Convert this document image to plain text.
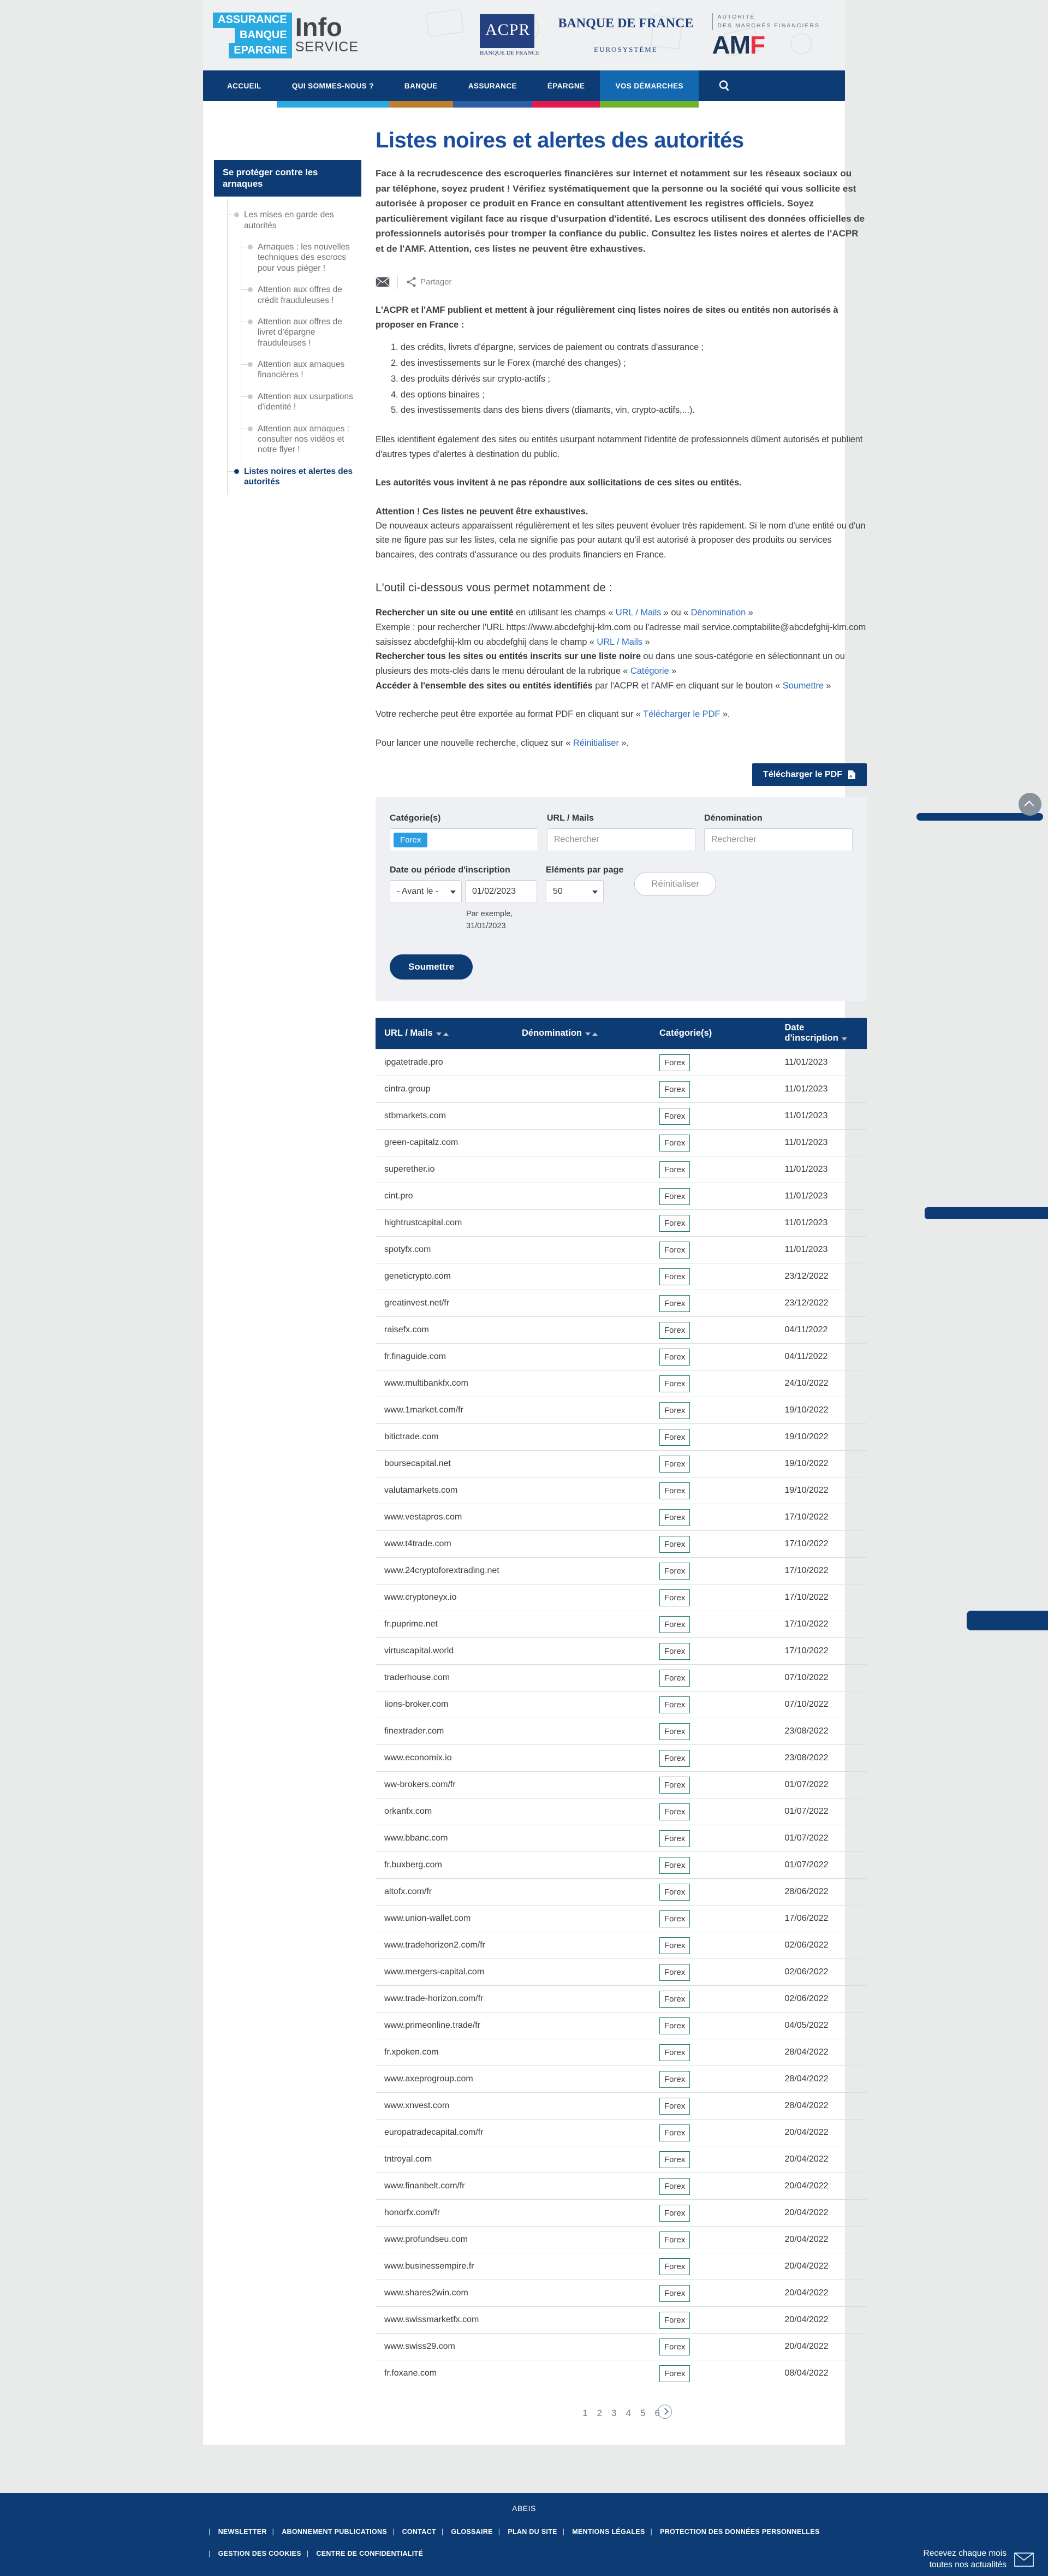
ASSURANCE
BANQUE
EPARGNE
Info
SERVICE
ACPR
BANQUE DE FRANCE
BANQUE DE FRANCE
EUROSYSTÈME
AUTORITÉ
DES MARCHÉS FINANCIERS
AMF
ACCUEIL	QUI SOMMES-NOUS ?	BANQUE	ASSURANCE	ÉPARGNE	VOS DÉMARCHES
Se protéger contre les arnaques
Les mises en garde des autorités
Arnaques : les nouvelles techniques des escrocs pour vous piéger !
Attention aux offres de crédit frauduleuses !
Attention aux offres de livret d'épargne frauduleuses !
Attention aux arnaques financières !
Attention aux usurpations d'identité !
Attention aux arnaques : consulter nos vidéos et notre flyer !
Listes noires et alertes des autorités
Listes noires et alertes des autorités

Face à la recrudescence des escroqueries financières sur internet et notamment sur les réseaux sociaux ou par téléphone, soyez prudent ! Vérifiez systématiquement que la personne ou la société qui vous sollicite est autorisée à proposer ce produit en France en consultant attentivement les registres officiels. Soyez particulièrement vigilant face au risque d'usurpation d'identité. Les escrocs utilisent des données officielles de professionnels autorisés pour tromper la confiance du public. Consultez les listes noires et alertes de l'ACPR et de l'AMF. Attention, ces listes ne peuvent être exhaustives.

Partager

L'ACPR et l'AMF publient et mettent à jour régulièrement cinq listes noires de sites ou entités non autorisés à proposer en France :

1. des crédits, livrets d'épargne, services de paiement ou contrats d'assurance ;
2. des investissements sur le Forex (marché des changes) ;
3. des produits dérivés sur crypto-actifs ;
4. des options binaires ;
5. des investissements dans des biens divers (diamants, vin, crypto-actifs,...).

Elles identifient également des sites ou entités usurpant notamment l'identité de professionnels dûment autorisés et publient d'autres types d'alertes à destination du public.

Les autorités vous invitent à ne pas répondre aux sollicitations de ces sites ou entités.

Attention ! Ces listes ne peuvent être exhaustives.

De nouveaux acteurs apparaissent régulièrement et les sites peuvent évoluer très rapidement. Si le nom d'une entité ou d'un site ne figure pas sur les listes, cela ne signifie pas pour autant qu'il est autorisé à proposer des produits ou services bancaires, des contrats d'assurance ou des produits financiers en France.

L'outil ci-dessous vous permet notamment de :

Rechercher un site ou une entité en utilisant les champs « URL / Mails » ou « Dénomination »

Exemple : pour rechercher l'URL https://www.abcdefghij-klm.com ou l'adresse mail service.comptabilite@abcdefghij-klm.com saisissez abcdefghij-klm ou abcdefghij dans le champ « URL / Mails »

Rechercher tous les sites ou entités inscrits sur une liste noire ou dans une sous-catégorie en sélectionnant un ou plusieurs des mots-clés dans le menu déroulant de la rubrique « Catégorie »

Accéder à l'ensemble des sites ou entités identifiés par l'ACPR et l'AMF en cliquant sur le bouton « Soumettre »

Votre recherche peut être exportée au format PDF en cliquant sur « Télécharger le PDF ».

Pour lancer une nouvelle recherche, cliquez sur « Réinitialiser ».

Télécharger le PDF A
Catégorie(s)
Forex
URL / Mails
Rechercher	Dénomination
Rechercher
Date ou période d'inscription
- Avant le -
01/02/2023
Par exemple,
31/01/2023
Eléments par page
50
Réinitialiser
Soumettre
URL / Mails	Dénomination	Catégorie(s)	Date
d'inscription
ipgatetrade.pro		Forex	11/01/2023
cintra.group		Forex	11/01/2023
stbmarkets.com		Forex	11/01/2023
green-capitalz.com		Forex	11/01/2023
superether.io		Forex	11/01/2023
cint.pro		Forex	11/01/2023
hightrustcapital.com		Forex	11/01/2023
spotyfx.com		Forex	11/01/2023
geneticrypto.com		Forex	23/12/2022
greatinvest.net/fr		Forex	23/12/2022
raisefx.com		Forex	04/11/2022
fr.finaguide.com		Forex	04/11/2022
www.multibankfx.com		Forex	24/10/2022
www.1market.com/fr		Forex	19/10/2022
bitictrade.com		Forex	19/10/2022
boursecapital.net		Forex	19/10/2022
valutamarkets.com		Forex	19/10/2022
www.vestapros.com		Forex	17/10/2022
www.t4trade.com		Forex	17/10/2022
www.24cryptoforextrading.net		Forex	17/10/2022
www.cryptoneyx.io		Forex	17/10/2022
fr.puprime.net		Forex	17/10/2022
virtuscapital.world		Forex	17/10/2022
traderhouse.com		Forex	07/10/2022
lions-broker.com		Forex	07/10/2022
finextrader.com		Forex	23/08/2022
www.economix.io		Forex	23/08/2022
ww-brokers.com/fr		Forex	01/07/2022
orkanfx.com		Forex	01/07/2022
www.bbanc.com		Forex	01/07/2022
fr.buxberg.com		Forex	01/07/2022
altofx.com/fr		Forex	28/06/2022
www.union-wallet.com		Forex	17/06/2022
www.tradehorizon2.com/fr		Forex	02/06/2022
www.mergers-capital.com		Forex	02/06/2022
www.trade-horizon.com/fr		Forex	02/06/2022
www.primeonline.trade/fr		Forex	04/05/2022
fr.xpoken.com		Forex	28/04/2022
www.axeprogroup.com		Forex	28/04/2022
www.xnvest.com		Forex	28/04/2022
europatradecapital.com/fr		Forex	20/04/2022
tntroyal.com		Forex	20/04/2022
www.finanbelt.com/fr		Forex	20/04/2022
honorfx.com/fr		Forex	20/04/2022
www.profundseu.com		Forex	20/04/2022
www.businessempire.fr		Forex	20/04/2022
www.shares2win.com		Forex	20/04/2022
www.swissmarketfx.com		Forex	20/04/2022
www.swiss29.com		Forex	20/04/2022
fr.foxane.com		Forex	08/04/2022
1 2 3 4 5 6
ABEIS
| NEWSLETTER | ABONNEMENT PUBLICATIONS | CONTACT | GLOSSAIRE | PLAN DU SITE | MENTIONS LÉGALES | PROTECTION DES DONNÉES PERSONNELLES
| GESTION DES COOKIES | CENTRE DE CONFIDENTIALITÉ	Recevez chaque mois
toutes nos actualités
